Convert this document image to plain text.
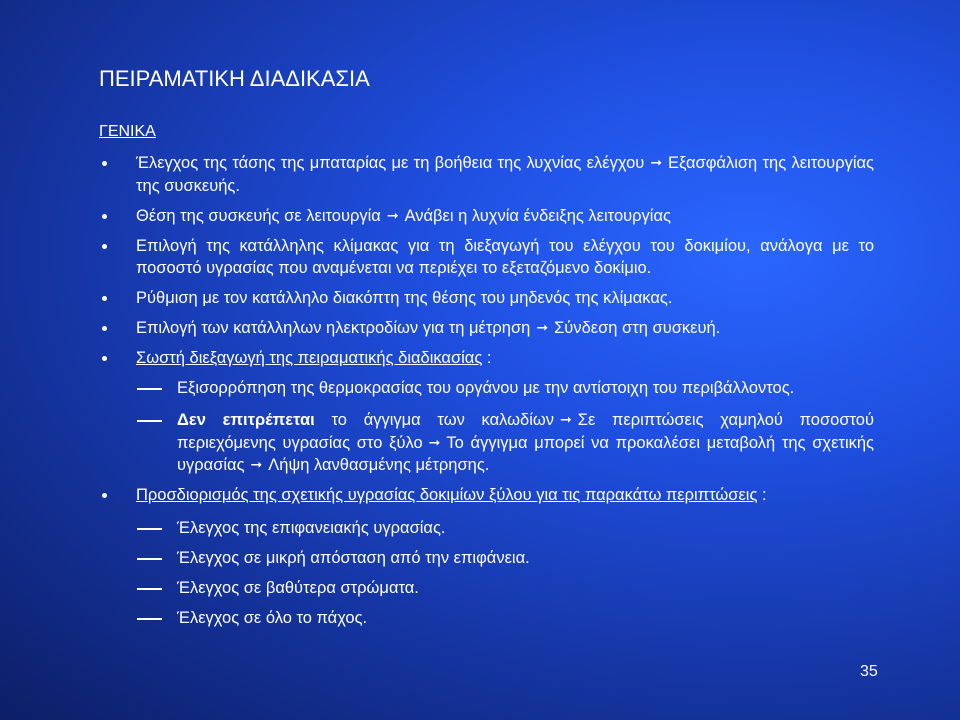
ΠΕΙΡΑΜΑΤΙΚΗ ΔΙΑΔΙΚΑΣΙΑ
ΓΕΝΙΚΑ
Έλεγχος της τάσης της μπαταρίας με τη βοήθεια της λυχνίας ελέγχου ➞ Εξασφάλιση της λειτουργίας της συσκευής.
Θέση της συσκευής σε λειτουργία ➞ Ανάβει η λυχνία ένδειξης λειτουργίας
Επιλογή της κατάλληλης κλίμακας για τη διεξαγωγή του ελέγχου του δοκιμίου, ανάλογα με το ποσοστό υγρασίας που αναμένεται να περιέχει το εξεταζόμενο δοκίμιο.
Ρύθμιση με τον κατάλληλο διακόπτη της θέσης του μηδενός της κλίμακας.
Επιλογή των κατάλληλων ηλεκτροδίων για τη μέτρηση ➞ Σύνδεση στη συσκευή.
Σωστή διεξαγωγή της πειραματικής διαδικασίας :
Εξισορρόπηση της θερμοκρασίας του οργάνου με την αντίστοιχη του περιβάλλοντος.
Δεν επιτρέπεται το άγγιγμα των καλωδίων ➞ Σε περιπτώσεις χαμηλού ποσοστού περιεχόμενης υγρασίας στο ξύλο ➞ Το άγγιγμα μπορεί να προκαλέσει μεταβολή της σχετικής υγρασίας ➞ Λήψη λανθασμένης μέτρησης.
Προσδιορισμός της σχετικής υγρασίας δοκιμίων ξύλου για τις παρακάτω περιπτώσεις :
Έλεγχος της επιφανειακής υγρασίας.
Έλεγχος σε μικρή απόσταση από την επιφάνεια.
Έλεγχος σε βαθύτερα στρώματα.
Έλεγχος σε όλο το πάχος.
35
